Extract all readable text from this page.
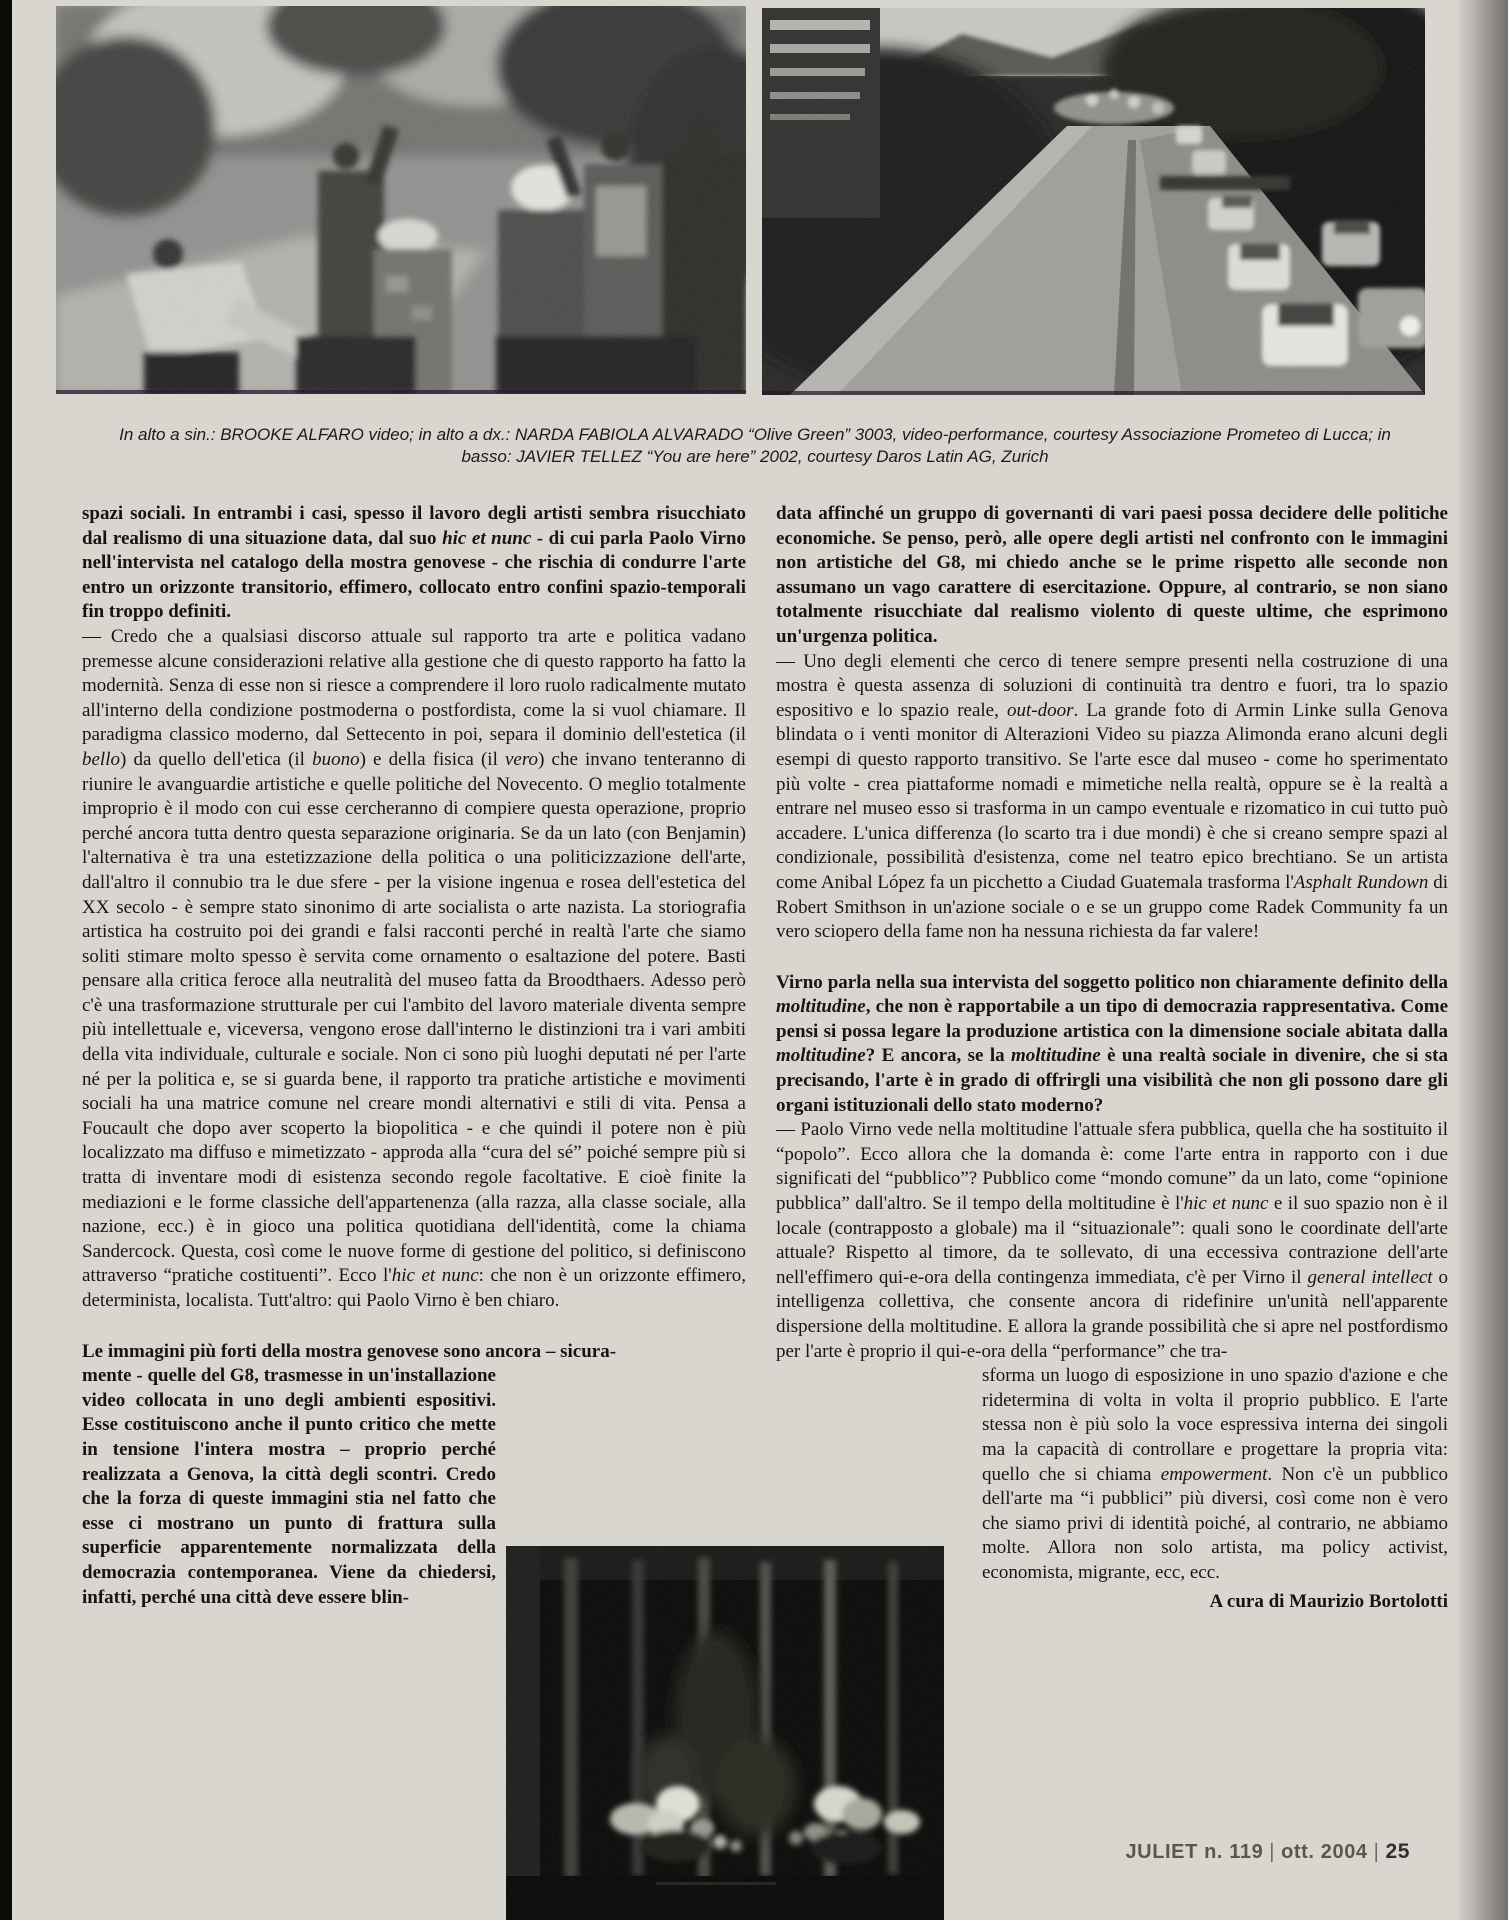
In alto a sin.: BROOKE ALFARO video; in alto a dx.: NARDA FABIOLA ALVARADO “Olive Green” 3003, video-performance, courtesy Associazione Prometeo di Lucca; in basso: JAVIER TELLEZ “You are here” 2002, courtesy Daros Latin AG, Zurich

spazi sociali. In entrambi i casi, spesso il lavoro degli artisti sembra risucchiato dal realismo di una situazione data, dal suo hic et nunc - di cui parla Paolo Virno nell'intervista nel catalogo della mostra genovese - che rischia di condurre l'arte entro un orizzonte transitorio, effimero, collocato entro confini spazio-temporali fin troppo definiti.

— Credo che a qualsiasi discorso attuale sul rapporto tra arte e politica vadano premesse alcune considerazioni relative alla gestione che di questo rapporto ha fatto la modernità. Senza di esse non si riesce a comprendere il loro ruolo radicalmente mutato all'interno della condizione postmoderna o postfordista, come la si vuol chiamare. Il paradigma classico moderno, dal Settecento in poi, separa il dominio dell'estetica (il bello) da quello dell'etica (il buono) e della fisica (il vero) che invano tenteranno di riunire le avanguardie artistiche e quelle politiche del Novecento. O meglio totalmente improprio è il modo con cui esse cercheranno di compiere questa operazione, proprio perché ancora tutta dentro questa separazione originaria. Se da un lato (con Benjamin) l'alternativa è tra una estetizzazione della politica o una politicizzazione dell'arte, dall'altro il connubio tra le due sfere - per la visione ingenua e rosea dell'estetica del XX secolo - è sempre stato sinonimo di arte socialista o arte nazista. La storiografia artistica ha costruito poi dei grandi e falsi racconti perché in realtà l'arte che siamo soliti stimare molto spesso è servita come ornamento o esaltazione del potere. Basti pensare alla critica feroce alla neutralità del museo fatta da Broodthaers. Adesso però c'è una trasformazione strutturale per cui l'ambito del lavoro materiale diventa sempre più intellettuale e, viceversa, vengono erose dall'interno le distinzioni tra i vari ambiti della vita individuale, culturale e sociale. Non ci sono più luoghi deputati né per l'arte né per la politica e, se si guarda bene, il rapporto tra pratiche artistiche e movimenti sociali ha una matrice comune nel creare mondi alternativi e stili di vita. Pensa a Foucault che dopo aver scoperto la biopolitica - e che quindi il potere non è più localizzato ma diffuso e mimetizzato - approda alla “cura del sé” poiché sempre più si tratta di inventare modi di esistenza secondo regole facoltative. E cioè finite la mediazioni e le forme classiche dell'appartenenza (alla razza, alla classe sociale, alla nazione, ecc.) è in gioco una politica quotidiana dell'identità, come la chiama Sandercock. Questa, così come le nuove forme di gestione del politico, si definiscono attraverso “pratiche costituenti”. Ecco l'hic et nunc: che non è un orizzonte effimero, determinista, localista. Tutt'altro: qui Paolo Virno è ben chiaro.

Le immagini più forti della mostra genovese sono ancora – sicura-

mente - quelle del G8, trasmesse in un'installazione video collocata in uno degli ambienti espositivi. Esse costituiscono anche il punto critico che mette in tensione l'intera mostra – proprio perché realizzata a Genova, la città degli scontri. Credo che la forza di queste immagini stia nel fatto che esse ci mostrano un punto di frattura sulla superficie apparentemente normalizzata della democrazia contemporanea. Viene da chiedersi, infatti, perché una città deve essere blin-

data affinché un gruppo di governanti di vari paesi possa decidere delle politiche economiche. Se penso, però, alle opere degli artisti nel confronto con le immagini non artistiche del G8, mi chiedo anche se le prime rispetto alle seconde non assumano un vago carattere di esercitazione. Oppure, al contrario, se non siano totalmente risucchiate dal realismo violento di queste ultime, che esprimono un'urgenza politica.

— Uno degli elementi che cerco di tenere sempre presenti nella costruzione di una mostra è questa assenza di soluzioni di continuità tra dentro e fuori, tra lo spazio espositivo e lo spazio reale, out-door. La grande foto di Armin Linke sulla Genova blindata o i venti monitor di Alterazioni Video su piazza Alimonda erano alcuni degli esempi di questo rapporto transitivo. Se l'arte esce dal museo - come ho sperimentato più volte - crea piattaforme nomadi e mimetiche nella realtà, oppure se è la realtà a entrare nel museo esso si trasforma in un campo eventuale e rizomatico in cui tutto può accadere. L'unica differenza (lo scarto tra i due mondi) è che si creano sempre spazi al condizionale, possibilità d'esistenza, come nel teatro epico brechtiano. Se un artista come Anibal López fa un picchetto a Ciudad Guatemala trasforma l'Asphalt Rundown di Robert Smithson in un'azione sociale o e se un gruppo come Radek Community fa un vero sciopero della fame non ha nessuna richiesta da far valere!

Virno parla nella sua intervista del soggetto politico non chiaramente definito della moltitudine, che non è rapportabile a un tipo di democrazia rappresentativa. Come pensi si possa legare la produzione artistica con la dimensione sociale abitata dalla moltitudine? E ancora, se la moltitudine è una realtà sociale in divenire, che si sta precisando, l'arte è in grado di offrirgli una visibilità che non gli possono dare gli organi istituzionali dello stato moderno?

— Paolo Virno vede nella moltitudine l'attuale sfera pubblica, quella che ha sostituito il “popolo”. Ecco allora che la domanda è: come l'arte entra in rapporto con i due significati del “pubblico”? Pubblico come “mondo comune” da un lato, come “opinione pubblica” dall'altro. Se il tempo della moltitudine è l'hic et nunc e il suo spazio non è il locale (contrapposto a globale) ma il “situazionale”: quali sono le coordinate dell'arte attuale? Rispetto al timore, da te sollevato, di una eccessiva contrazione dell'arte nell'effimero qui-e-ora della contingenza immediata, c'è per Virno il general intellect o intelligenza collettiva, che consente ancora di ridefinire un'unità nell'apparente dispersione della moltitudine. E allora la grande possibilità che si apre nel postfordismo per l'arte è proprio il qui-e-ora della “performance” che tra-

sforma un luogo di esposizione in uno spazio d'azione e che ridetermina di volta in volta il proprio pubblico. E l'arte stessa non è più solo la voce espressiva interna dei singoli ma la capacità di controllare e progettare la propria vita: quello che si chiama empowerment. Non c'è un pubblico dell'arte ma “i pubblici” più diversi, così come non è vero che siamo privi di identità poiché, al contrario, ne abbiamo molte. Allora non solo artista, ma policy activist, economista, migrante, ecc, ecc.

A cura di Maurizio Bortolotti

JULIET n. 119 | ott. 2004 | 25
